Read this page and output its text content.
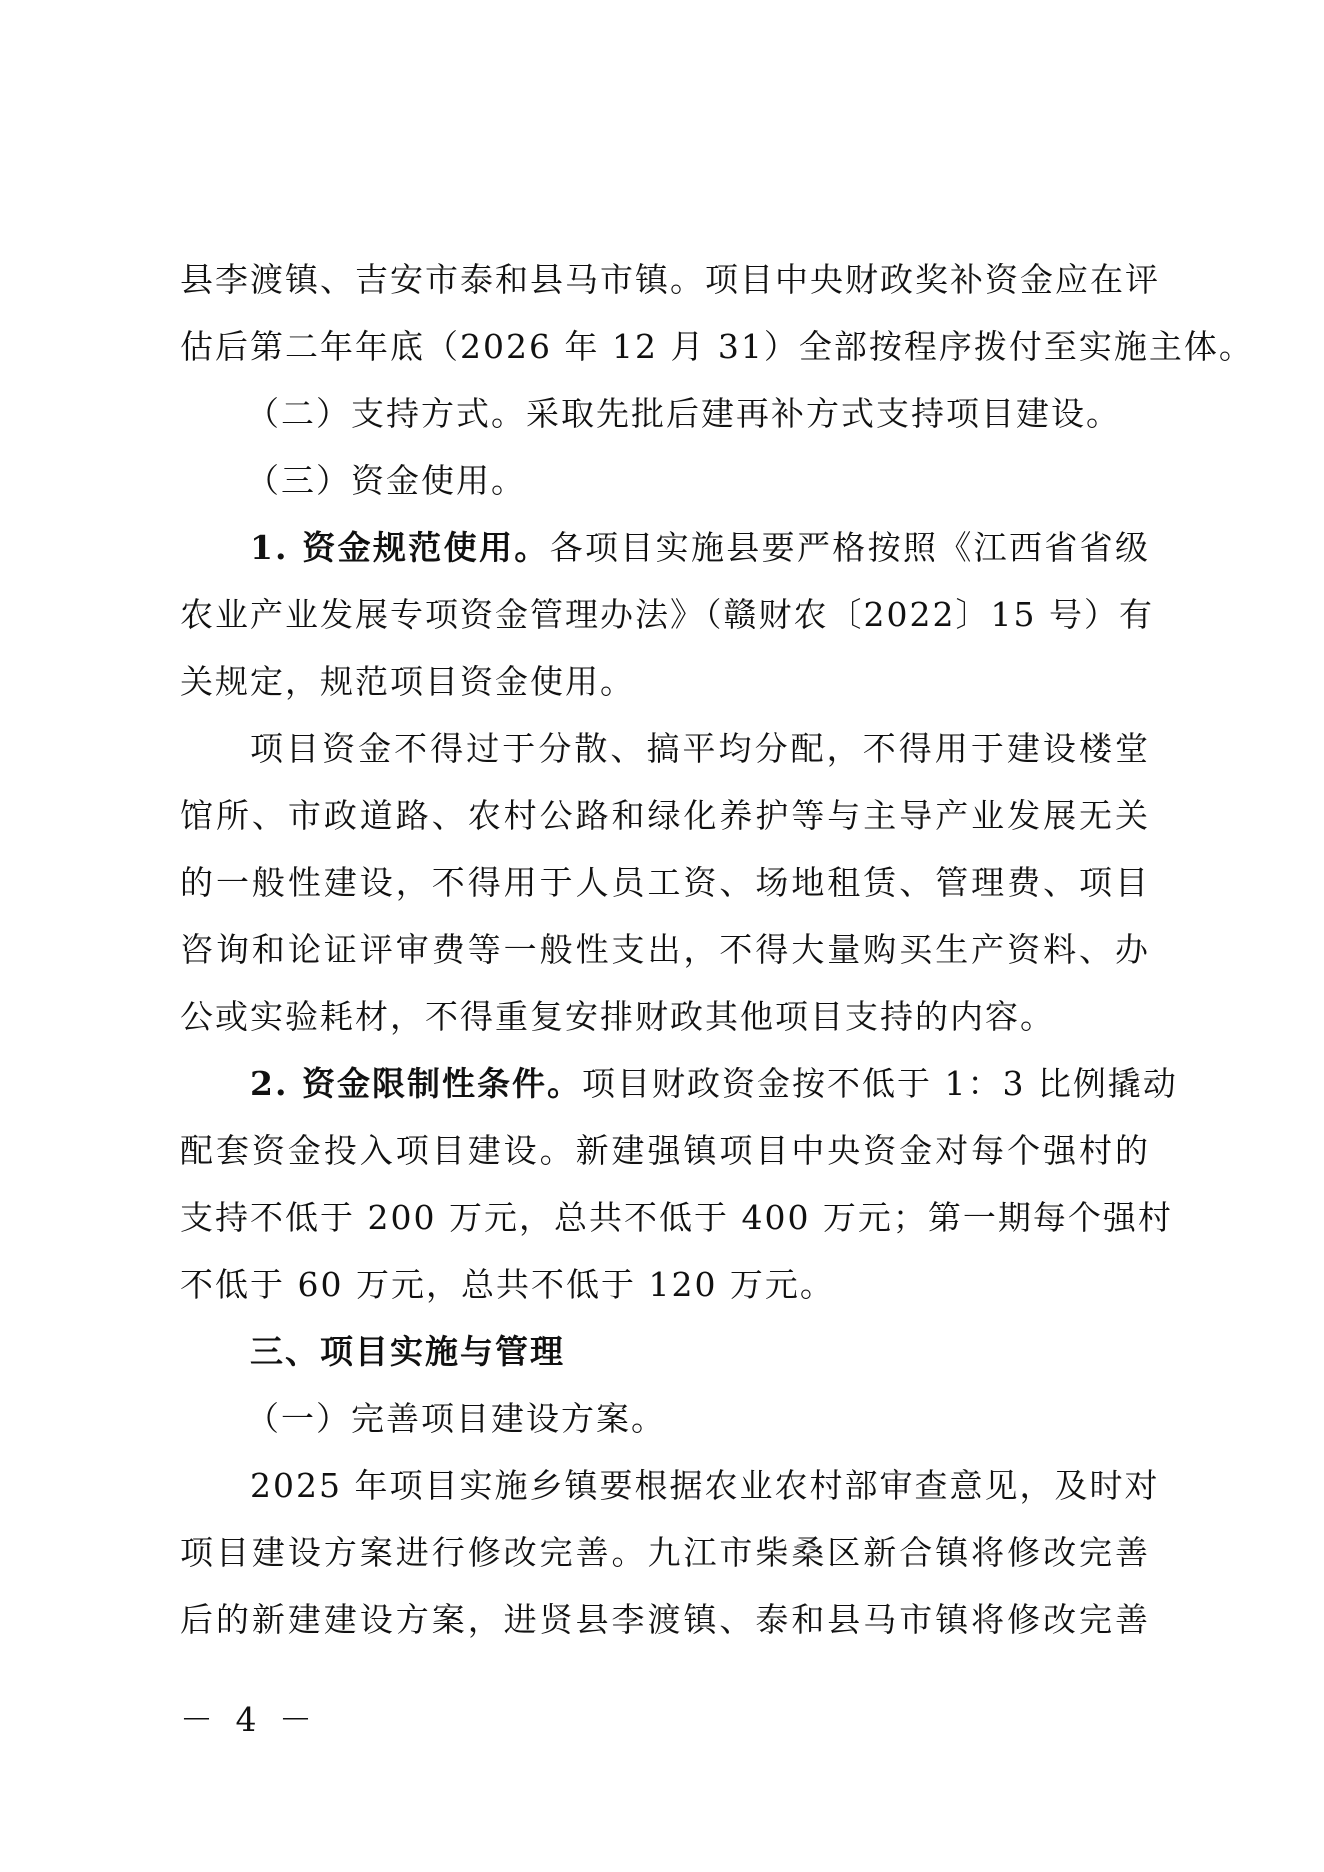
县李渡镇、吉安市泰和县马市镇。项目中央财政奖补资金应在评

估后第二年年底（2026 年 12 月 31）全部按程序拨付至实施主体。

（二）支持方式。采取先批后建再补方式支持项目建设。

（三）资金使用。

1. 资金规范使用。各项目实施县要严格按照《江西省省级

农业产业发展专项资金管理办法》（赣财农〔2022〕15 号）有

关规定，规范项目资金使用。

项目资金不得过于分散、搞平均分配，不得用于建设楼堂

馆所、市政道路、农村公路和绿化养护等与主导产业发展无关

的一般性建设，不得用于人员工资、场地租赁、管理费、项目

咨询和论证评审费等一般性支出，不得大量购买生产资料、办

公或实验耗材，不得重复安排财政其他项目支持的内容。

2. 资金限制性条件。项目财政资金按不低于 1：3 比例撬动

配套资金投入项目建设。新建强镇项目中央资金对每个强村的

支持不低于 200 万元，总共不低于 400 万元；第一期每个强村

不低于 60 万元，总共不低于 120 万元。

三、项目实施与管理

（一）完善项目建设方案。

2025 年项目实施乡镇要根据农业农村部审查意见，及时对

项目建设方案进行修改完善。九江市柴桑区新合镇将修改完善

后的新建建设方案，进贤县李渡镇、泰和县马市镇将修改完善

－ 4 －
